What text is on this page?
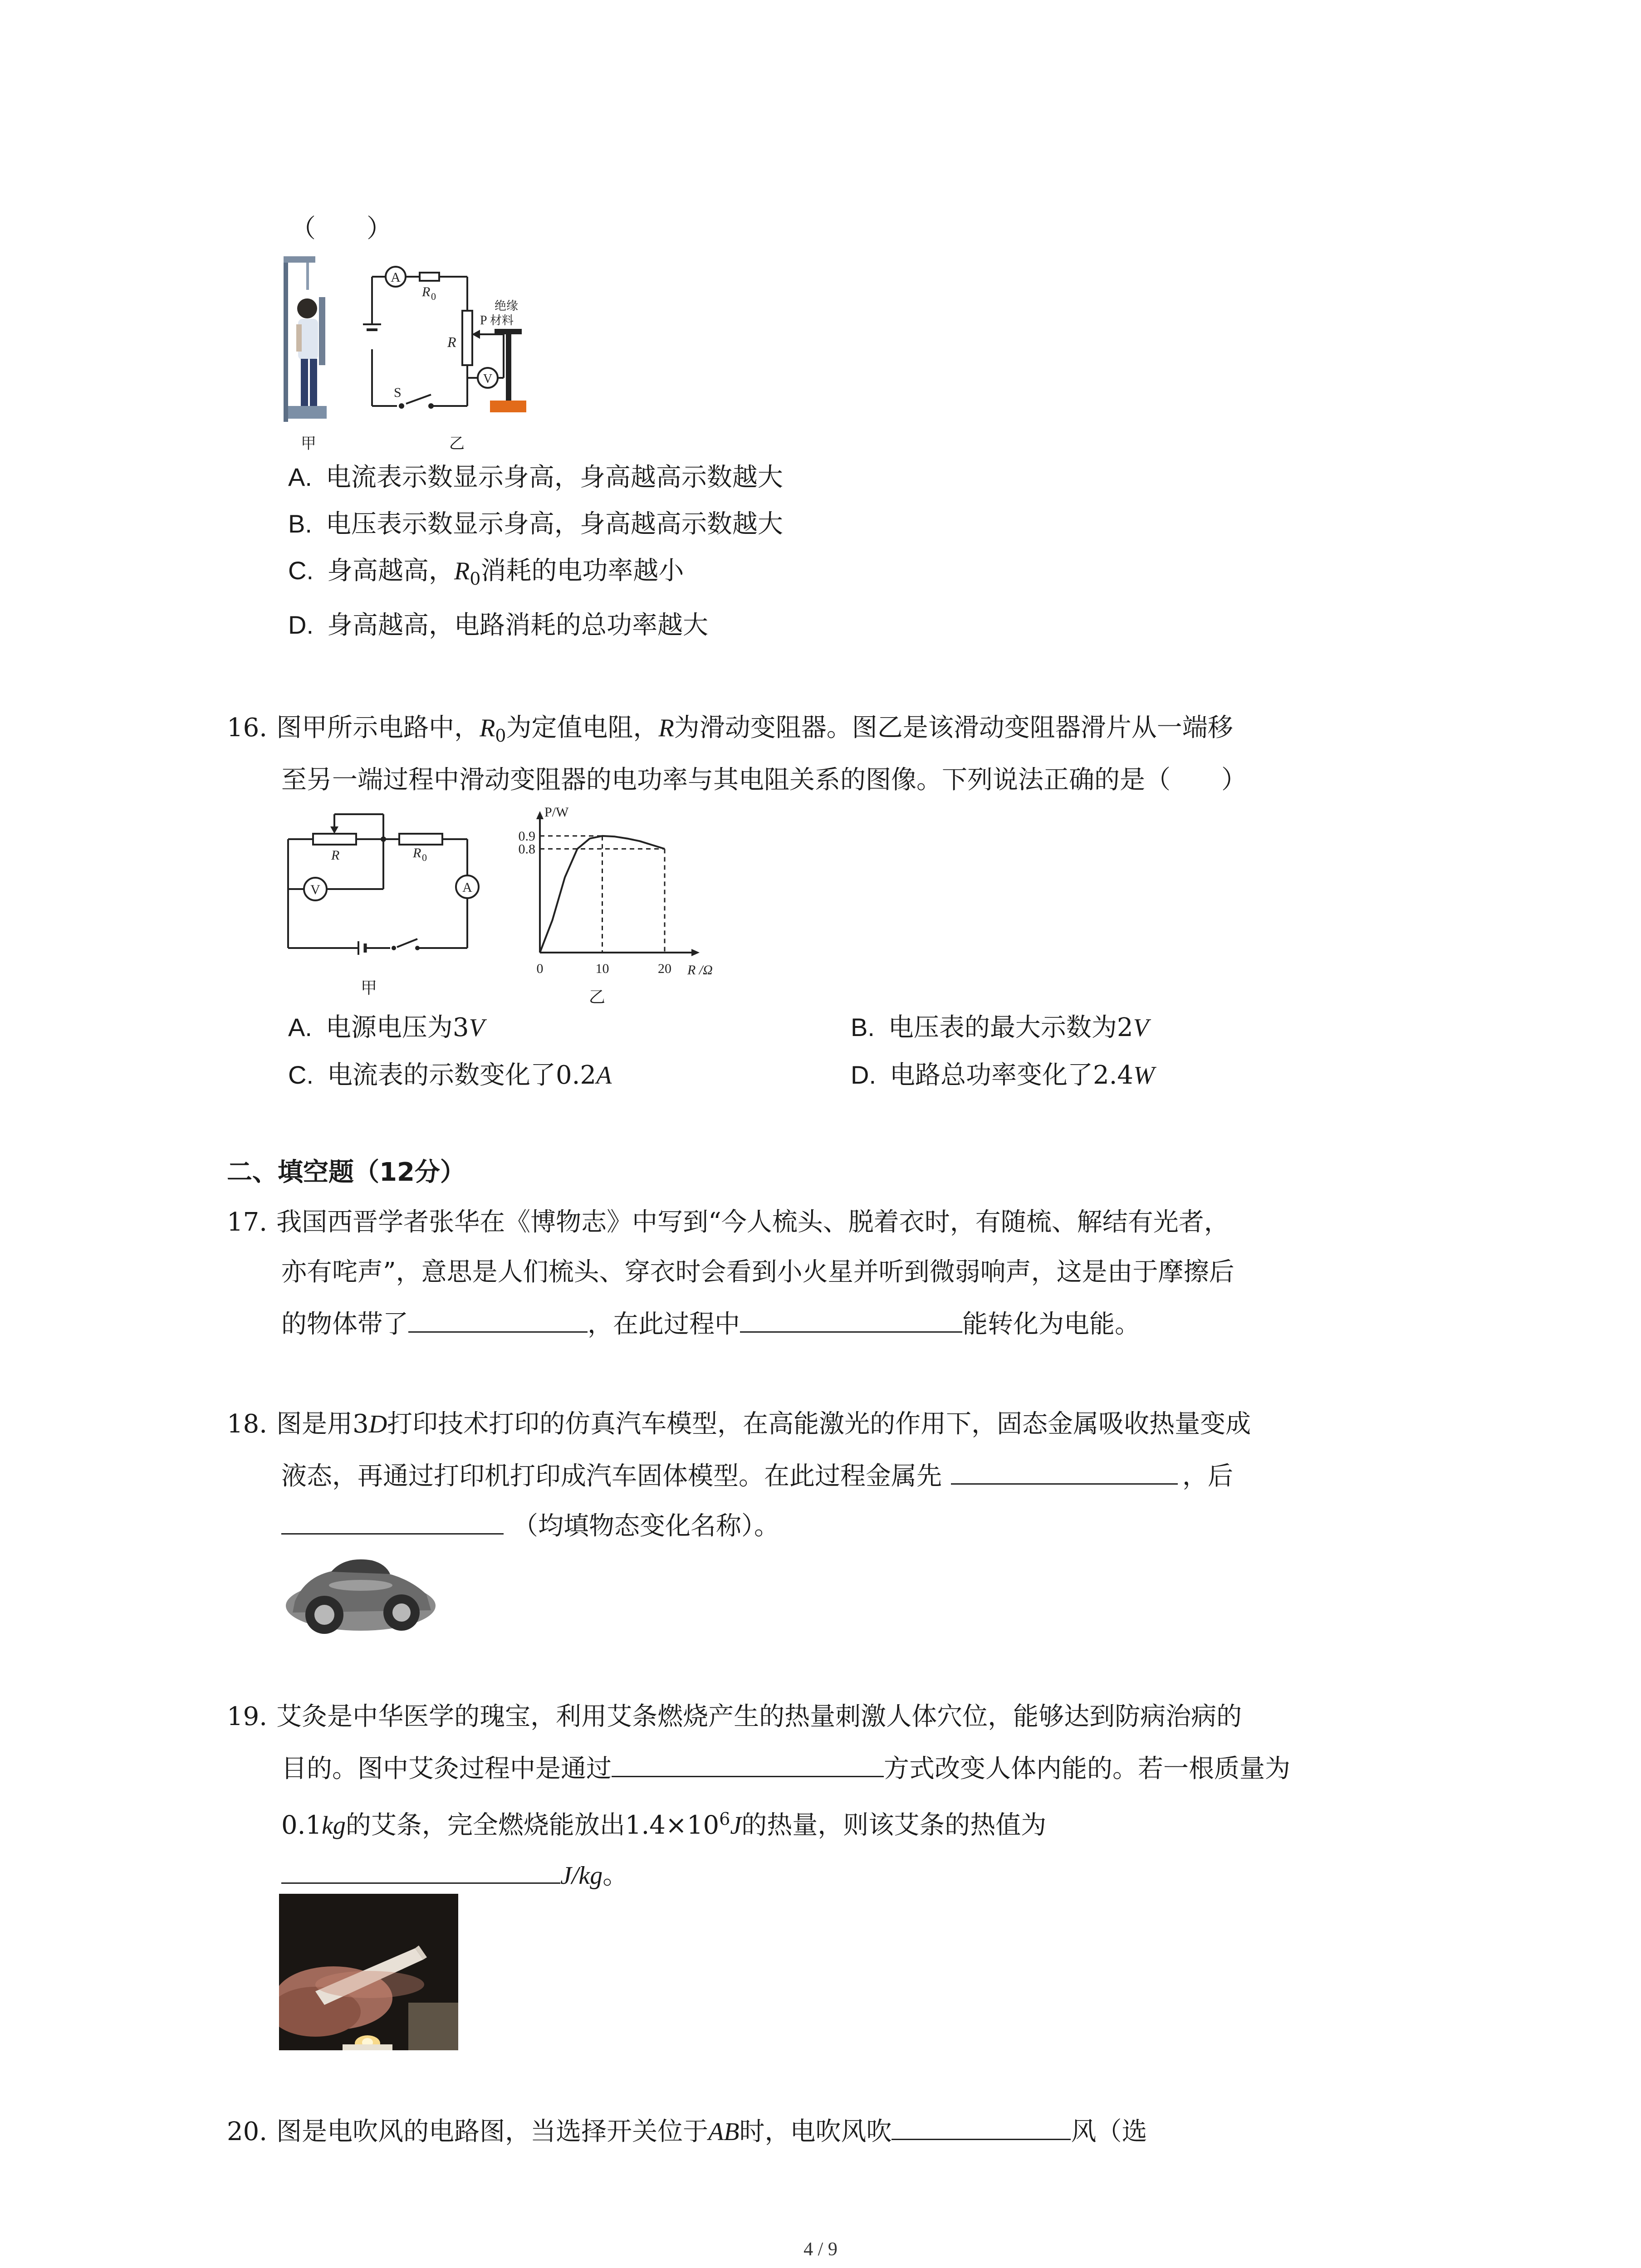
（　　）
A
R 0
R
S
V
绝缘
P 材料
甲	乙
A. 电流表示数显示身高，身高越高示数越大
B. 电压表示数显示身高，身高越高示数越大
C. 身高越高，$R_0$消耗的电功率越小
D. 身高越高，电路消耗的总功率越大
16. 图甲所示电路中，$R_0$为定值电阻，R为滑动变阻器。图乙是该滑动变阻器滑片从一端移
至另一端过程中滑动变阻器的电功率与其电阻关系的图像。下列说法正确的是（　　）
R	R 0
V	A
甲
P/W
R /Ω
0	10	20
0.8
0.9
乙
A. 电源电压为3V	B. 电压表的最大示数为2V
C. 电流表的示数变化了0.2A	D. 电路总功率变化了2.4W
二、填空题（12分）
17. 我国西晋学者张华在《博物志》中写到“今人梳头、脱着衣时，有随梳、解结有光者，
亦有咤声”，意思是人们梳头、穿衣时会看到小火星并听到微弱响声，这是由于摩擦后
的物体带了	，在此过程中	能转化为电能。
18. 图是用3D打印技术打印的仿真汽车模型，在高能激光的作用下，固态金属吸收热量变成
液态，再通过打印机打印成汽车固体模型。在此过程金属先	，后
（均填物态变化名称）。
19. 艾灸是中华医学的瑰宝，利用艾条燃烧产生的热量刺激人体穴位，能够达到防病治病的
目的。图中艾灸过程中是通过	方式改变人体内能的。若一根质量为
0.1kg的艾条，完全燃烧能放出$1.4\times 10^6J$的热量，则该艾条的热值为
J/kg。
20. 图是电吹风的电路图，当选择开关位于AB时，电吹风吹	风（选
4 / 9
